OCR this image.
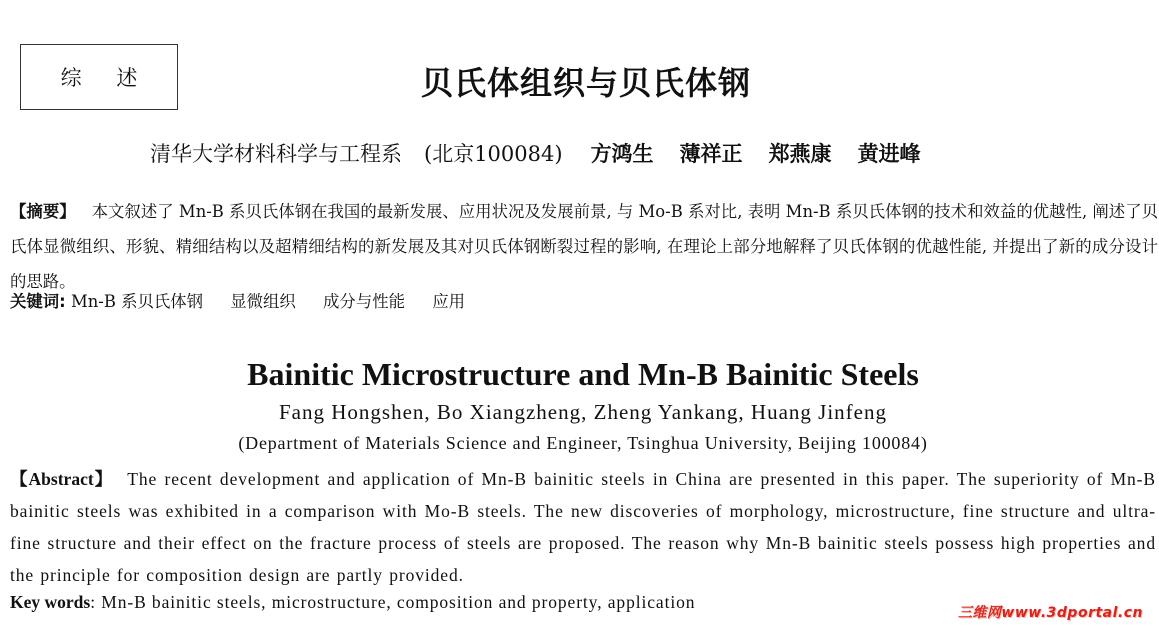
综 述	贝氏体组织与贝氏体钢
清华大学材料科学与工程系 (北京100084) 方鸿生 薄祥正 郑燕康 黄进峰
【摘要】 本文叙述了 Mn-B 系贝氏体钢在我国的最新发展、应用状况及发展前景, 与 Mo-B 系对比, 表明 Mn-B 系贝氏体钢的技术和效益的优越性, 阐述了贝氏体显微组织、形貌、精细结构以及超精细结构的新发展及其对贝氏体钢断裂过程的影响, 在理论上部分地解释了贝氏体钢的优越性能, 并提出了新的成分设计的思路。
关键词: Mn-B 系贝氏体钢 显微组织 成分与性能 应用
Bainitic Microstructure and Mn-B Bainitic Steels
Fang Hongshen, Bo Xiangzheng, Zheng Yankang, Huang Jinfeng
(Department of Materials Science and Engineer, Tsinghua University, Beijing 100084)
【Abstract】 The recent development and application of Mn-B bainitic steels in China are presented in this paper. The superiority of Mn-B bainitic steels was exhibited in a comparison with Mo-B steels. The new discoveries of morphology, microstructure, fine structure and ultra-fine structure and their effect on the fracture process of steels are proposed. The reason why Mn-B bainitic steels possess high properties and the principle for composition design are partly provided.
Key words: Mn-B bainitic steels, microstructure, composition and property, application
三维网www.3dportal.cn
